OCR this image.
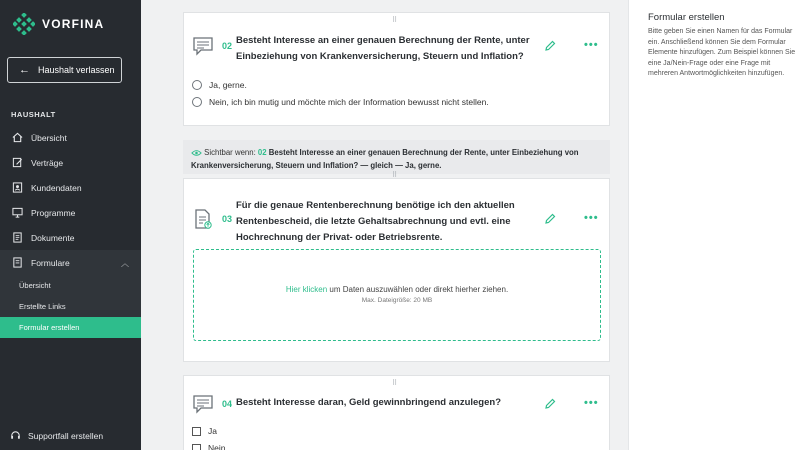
VORFINA
← Haushalt verlassen
HAUSHALT
Übersicht
Verträge
Kundendaten
Programme
Dokumente
Formulare	︿
Übersicht
Erstellte Links
Formular erstellen
Supportfall erstellen
⠿
02 Besteht Interesse an einer genauen Berechnung der Rente, unter
Einbeziehung von Krankenversicherung, Steuern und Inflation?
•••
Ja, gerne.
Nein, ich bin mutig und möchte mich der Information bewusst nicht stellen.
Sichtbar wenn: 02 Besteht Interesse an einer genauen Berechnung der Rente, unter Einbeziehung von Krankenversicherung, Steuern und Inflation? — gleich — Ja, gerne.
⠿
03
Für die genaue Rentenberechnung benötige ich den aktuellen
Rentenbescheid, die letzte Gehaltsabrechnung und evtl. eine
Hochrechnung der Privat- oder Betriebsrente.
•••
Hier klicken um Daten auszuwählen oder direkt hierher ziehen.
Max. Dateigröße: 20 MB
⠿
04 Besteht Interesse daran, Geld gewinnbringend anzulegen?	•••
Ja
Nein
Formular erstellen

Bitte geben Sie einen Namen für das Formular ein. Anschließend können Sie dem Formular Elemente hinzufügen. Zum Beispiel können Sie eine Ja/Nein-Frage oder eine Frage mit mehreren Antwortmöglichkeiten hinzufügen.
